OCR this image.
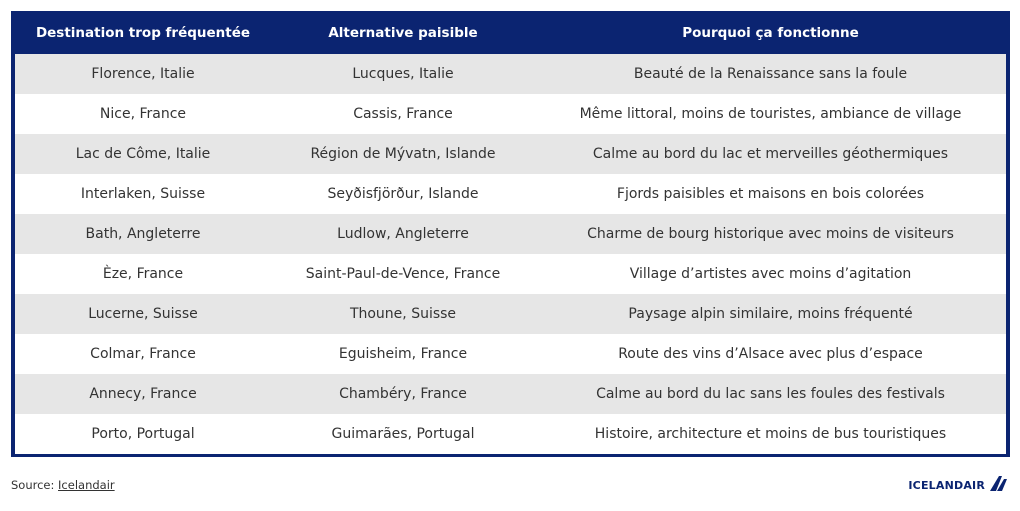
Destination trop fréquentée	Alternative paisible	Pourquoi ça fonctionne
Florence, Italie	Lucques, Italie	Beauté de la Renaissance sans la foule
Nice, France	Cassis, France	Même littoral, moins de touristes, ambiance de village
Lac de Côme, Italie	Région de Mývatn, Islande	Calme au bord du lac et merveilles géothermiques
Interlaken, Suisse	Seyðisfjörður, Islande	Fjords paisibles et maisons en bois colorées
Bath, Angleterre	Ludlow, Angleterre	Charme de bourg historique avec moins de visiteurs
Èze, France	Saint-Paul-de-Vence, France	Village d’artistes avec moins d’agitation
Lucerne, Suisse	Thoune, Suisse	Paysage alpin similaire, moins fréquenté
Colmar, France	Eguisheim, France	Route des vins d’Alsace avec plus d’espace
Annecy, France	Chambéry, France	Calme au bord du lac sans les foules des festivals
Porto, Portugal	Guimarães, Portugal	Histoire, architecture et moins de bus touristiques
Source: Icelandair	ICELANDAIR
